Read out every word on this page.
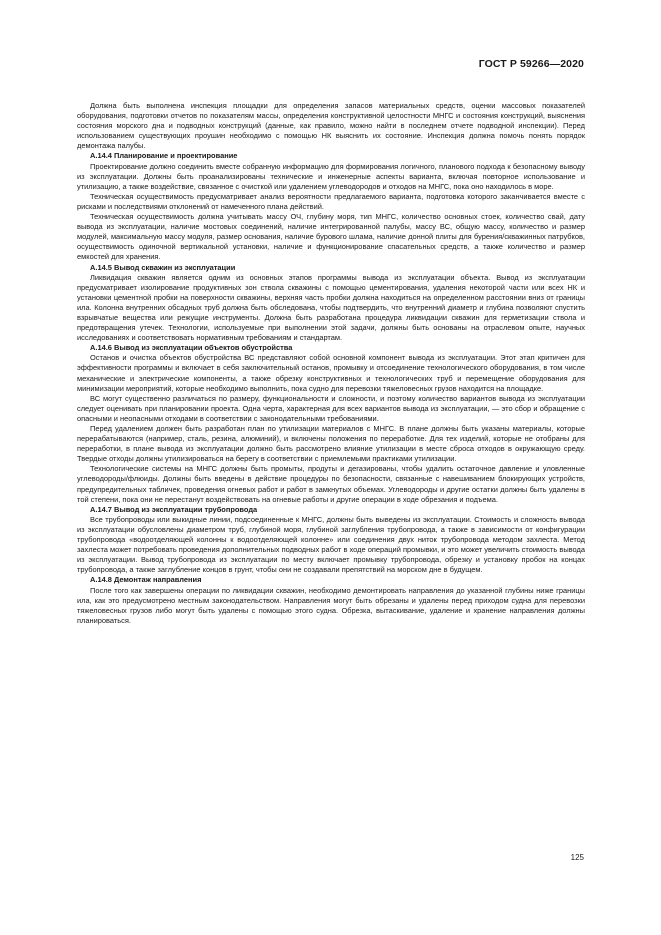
ГОСТ Р 59266—2020

Должна быть выполнена инспекция площадки для определения запасов материальных средств, оценки массовых показателей оборудования, подготовки отчетов по показателям массы, определения конструктивной целостности МНГС и состояния конструкций, выяснения состояния морского дна и подводных конструкций (данные, как правило, можно найти в последнем отчете подводной инспекции). Перед использованием существующих проушин необходимо с помощью НК выяснить их состояние. Инспекция должна помочь понять порядок демонтажа палубы.

А.14.4 Планирование и проектирование

Проектирование должно соединить вместе собранную информацию для формирования логичного, планового подхода к безопасному выводу из эксплуатации. Должны быть проанализированы технические и инженерные аспекты варианта, включая повторное использование и утилизацию, а также воздействие, связанное с очисткой или удалением углеводородов и отходов на МНГС, пока оно находилось в море.

Техническая осуществимость предусматривает анализ вероятности предлагаемого варианта, подготовка которого заканчивается вместе с рисками и последствиями отклонений от намеченного плана действий.

Техническая осуществимость должна учитывать массу ОЧ, глубину моря, тип МНГС, количество основных стоек, количество свай, дату вывода из эксплуатации, наличие мостовых соединений, наличие интегрированной палубы, массу ВС, общую массу, количество и размер модулей, максимальную массу модуля, размер основания, наличие бурового шлама, наличие донной плиты для бурения/скважинных патрубков, осуществимость одиночной вертикальной установки, наличие и функционирование спасательных средств, а также количество и размер емкостей для хранения.

А.14.5 Вывод скважин из эксплуатации

Ликвидация скважин является одним из основных этапов программы вывода из эксплуатации объекта. Вывод из эксплуатации предусматривает изолирование продуктивных зон ствола скважины с помощью цементирования, удаления некоторой части или всех НК и установки цементной пробки на поверхности скважины, верхняя часть пробки должна находиться на определенном расстоянии вниз от границы ила. Колонна внутренних обсадных труб должна быть обследована, чтобы подтвердить, что внутренний диаметр и глубина позволяют спустить взрывчатые вещества или режущие инструменты. Должна быть разработана процедура ликвидации скважин для герметизации ствола и предотвращения утечек. Технологии, используемые при выполнении этой задачи, должны быть основаны на отраслевом опыте, научных исследованиях и соответствовать нормативным требованиям и стандартам.

А.14.6 Вывод из эксплуатации объектов обустройства

Останов и очистка объектов обустройства ВС представляют собой основной компонент вывода из эксплуатации. Этот этап критичен для эффективности программы и включает в себя заключительный останов, промывку и отсоединение технологического оборудования, в том числе механические и электрические компоненты, а также обрезку конструктивных и технологических труб и перемещение оборудования для минимизации мероприятий, которые необходимо выполнить, пока судно для перевозки тяжеловесных грузов находится на площадке.

ВС могут существенно различаться по размеру, функциональности и сложности, и поэтому количество вариантов вывода из эксплуатации следует оценивать при планировании проекта. Одна черта, характерная для всех вариантов вывода из эксплуатации, — это сбор и обращение с опасными и неопасными отходами в соответствии с законодательными требованиями.

Перед удалением должен быть разработан план по утилизации материалов с МНГС. В плане должны быть указаны материалы, которые перерабатываются (например, сталь, резина, алюминий), и включены положения по переработке. Для тех изделий, которые не отобраны для переработки, в плане вывода из эксплуатации должно быть рассмотрено влияние утилизации в месте сброса отходов в окружающую среду. Твердые отходы должны утилизироваться на берегу в соответствии с приемлемыми практиками утилизации.

Технологические системы на МНГС должны быть промыты, продуты и дегазированы, чтобы удалить остаточное давление и уловленные углеводороды/флюиды. Должны быть введены в действие процедуры по безопасности, связанные с навешиванием блокирующих устройств, предупредительных табличек, проведения огневых работ и работ в замкнутых объемах. Углеводороды и другие остатки должны быть удалены в той степени, пока они не перестанут воздействовать на огневые работы и другие операции в ходе обрезания и подъема.

А.14.7 Вывод из эксплуатации трубопровода

Все трубопроводы или выкидные линии, подсоединенные к МНГС, должны быть выведены из эксплуатации. Стоимость и сложность вывода из эксплуатации обусловлены диаметром труб, глубиной моря, глубиной заглубления трубопровода, а также в зависимости от конфигурации трубопровода «водоотделяющей колонны к водоотделяющей колонне» или соединения двух ниток трубопровода методом захлеста. Метод захлеста может потребовать проведения дополнительных подводных работ в ходе операций промывки, и это может увеличить стоимость вывода из эксплуатации. Вывод трубопровода из эксплуатации по месту включает промывку трубопровода, обрезку и установку пробок на концах трубопровода, а также заглубление концов в грунт, чтобы они не создавали препятствий на морском дне в будущем.

А.14.8 Демонтаж направления

После того как завершены операции по ликвидации скважин, необходимо демонтировать направления до указанной глубины ниже границы ила, как это предусмотрено местным законодательством. Направления могут быть обрезаны и удалены перед приходом судна для перевозки тяжеловесных грузов либо могут быть удалены с помощью этого судна. Обрезка, вытаскивание, удаление и хранение направления должны планироваться.

125
